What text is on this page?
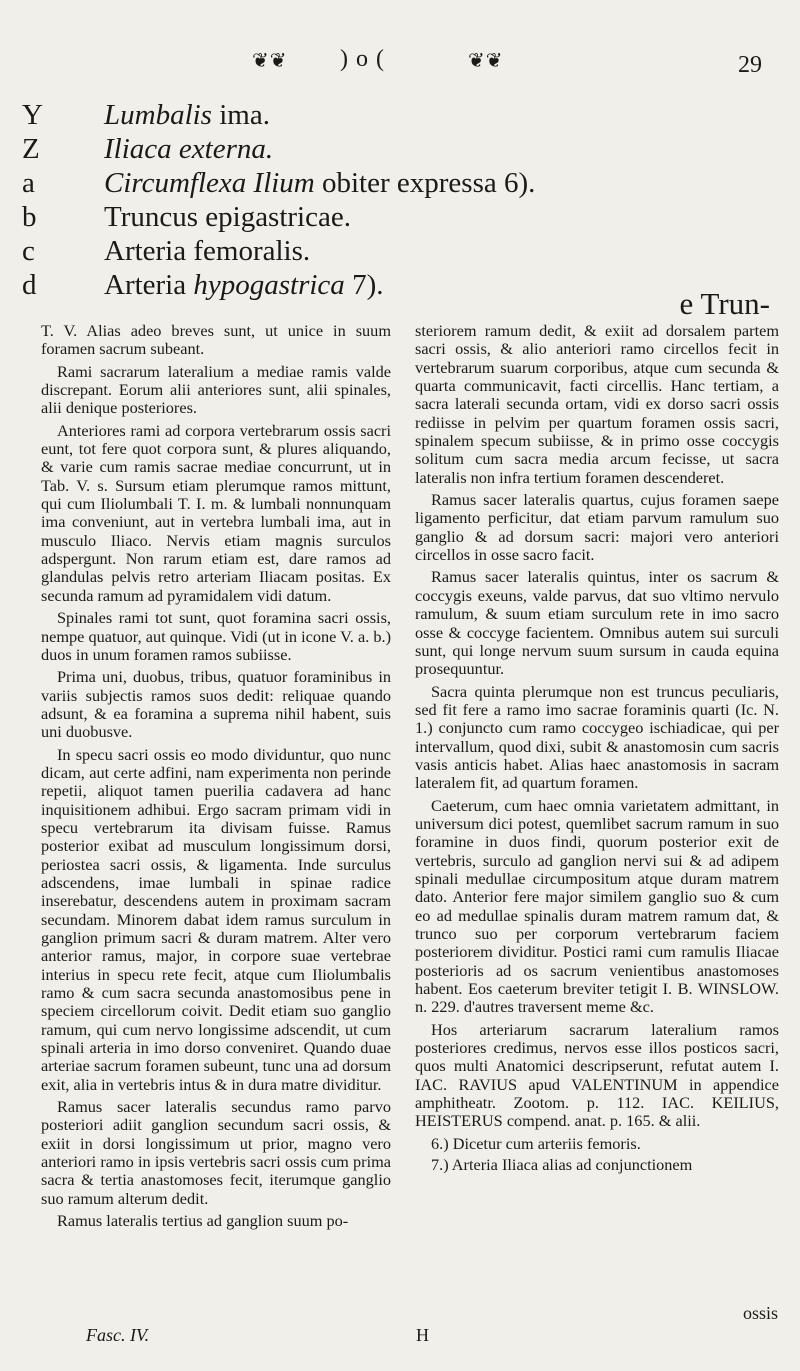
❦❦ )o(	❦❦	29
Y	Lumbalis ima.
Z	Iliaca externa.
a	Circumflexa Ilium obiter expressa 6).
b	Truncus epigastricae.
c	Arteria femoralis.
d	Arteria hypogastrica 7).
e Trun-

T. V. Alias adeo breves sunt, ut unice in suum foramen sacrum subeant.

Rami sacrarum lateralium a mediae ramis valde discrepant. Eorum alii anteriores sunt, alii spinales, alii denique posteriores.

Anteriores rami ad corpora vertebrarum ossis sacri eunt, tot fere quot corpora sunt, & plures aliquando, & varie cum ramis sacrae mediae concurrunt, ut in Tab. V. s. Sursum etiam plerumque ramos mittunt, qui cum Iliolumbali T. I. m. & lumbali nonnunquam ima conveniunt, aut in vertebra lumbali ima, aut in musculo Iliaco. Nervis etiam magnis surculos adspergunt. Non rarum etiam est, dare ramos ad glandulas pelvis retro arteriam Iliacam positas. Ex secunda ramum ad pyramidalem vidi datum.

Spinales rami tot sunt, quot foramina sacri ossis, nempe quatuor, aut quinque. Vidi (ut in icone V. a. b.) duos in unum foramen ramos subiisse.

Prima uni, duobus, tribus, quatuor foraminibus in variis subjectis ramos suos dedit: reliquae quando adsunt, & ea foramina a suprema nihil habent, suis uni duobusve.

In specu sacri ossis eo modo dividuntur, quo nunc dicam, aut certe adfini, nam experimenta non perinde repetii, aliquot tamen puerilia cadavera ad hanc inquisitionem adhibui. Ergo sacram primam vidi in specu vertebrarum ita divisam fuisse. Ramus posterior exibat ad musculum longissimum dorsi, periostea sacri ossis, & ligamenta. Inde surculus adscendens, imae lumbali in spinae radice inserebatur, descendens autem in proximam sacram secundam. Minorem dabat idem ramus surculum in ganglion primum sacri & duram matrem. Alter vero anterior ramus, major, in corpore suae vertebrae interius in specu rete fecit, atque cum Iliolumbalis ramo & cum sacra secunda anastomosibus pene in speciem circellorum coivit. Dedit etiam suo ganglio ramum, qui cum nervo longissime adscendit, ut cum spinali arteria in imo dorso conveniret. Quando duae arteriae sacrum foramen subeunt, tunc una ad dorsum exit, alia in vertebris intus & in dura matre dividitur.

Ramus sacer lateralis secundus ramo parvo posteriori adiit ganglion secundum sacri ossis, & exiit in dorsi longissimum ut prior, magno vero anteriori ramo in ipsis vertebris sacri ossis cum prima sacra & tertia anastomoses fecit, iterumque ganglio suo ramum alterum dedit.

Ramus lateralis tertius ad ganglion suum po-

steriorem ramum dedit, & exiit ad dorsalem partem sacri ossis, & alio anteriori ramo circellos fecit in vertebrarum suarum corporibus, atque cum secunda & quarta communicavit, facti circellis. Hanc tertiam, a sacra laterali secunda ortam, vidi ex dorso sacri ossis rediisse in pelvim per quartum foramen ossis sacri, spinalem specum subiisse, & in primo osse coccygis solitum cum sacra media arcum fecisse, ut sacra lateralis non infra tertium foramen descenderet.

Ramus sacer lateralis quartus, cujus foramen saepe ligamento perficitur, dat etiam parvum ramulum suo ganglio & ad dorsum sacri: majori vero anteriori circellos in osse sacro facit.

Ramus sacer lateralis quintus, inter os sacrum & coccygis exeuns, valde parvus, dat suo vltimo nervulo ramulum, & suum etiam surculum rete in imo sacro osse & coccyge facientem. Omnibus autem sui surculi sunt, qui longe nervum suum sursum in cauda equina prosequuntur.

Sacra quinta plerumque non est truncus peculiaris, sed fit fere a ramo imo sacrae foraminis quarti (Ic. N. 1.) conjuncto cum ramo coccygeo ischiadicae, qui per intervallum, quod dixi, subit & anastomosin cum sacris vasis anticis habet. Alias haec anastomosis in sacram lateralem fit, ad quartum foramen.

Caeterum, cum haec omnia varietatem admittant, in universum dici potest, quemlibet sacrum ramum in suo foramine in duos findi, quorum posterior exit de vertebris, surculo ad ganglion nervi sui & ad adipem spinali medullae circumpositum atque duram matrem dato. Anterior fere major similem ganglio suo & cum eo ad medullae spinalis duram matrem ramum dat, & trunco suo per corporum vertebrarum faciem posteriorem dividitur. Postici rami cum ramulis Iliacae posterioris ad os sacrum venientibus anastomoses habent. Eos caeterum breviter tetigit I. B. WINSLOW. n. 229. d'autres traversent meme &c.

Hos arteriarum sacrarum lateralium ramos posteriores credimus, nervos esse illos posticos sacri, quos multi Anatomici descripserunt, refutat autem I. IAC. RAVIUS apud VALENTINUM in appendice amphitheatr. Zootom. p. 112. IAC. KEILIUS, HEISTERUS compend. anat. p. 165. & alii.

6.) Dicetur cum arteriis femoris.

7.) Arteria Iliaca alias ad conjunctionem

Fasc. IV.	H
ossis
